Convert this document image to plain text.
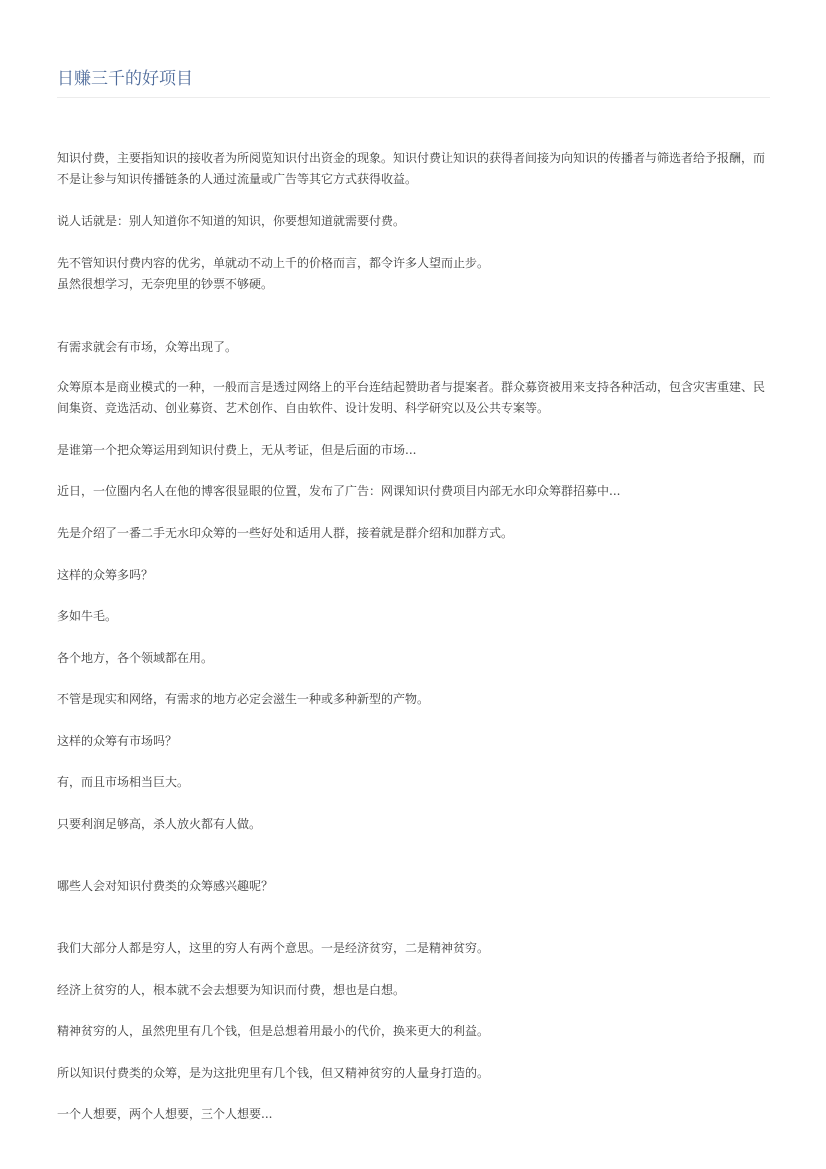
日赚三千的好项目

知识付费，主要指知识的接收者为所阅览知识付出资金的现象。知识付费让知识的获得者间接为向知识的传播者与筛选者给予报酬，而不是让参与知识传播链条的人通过流量或广告等其它方式获得收益。

说人话就是：别人知道你不知道的知识，你要想知道就需要付费。

先不管知识付费内容的优劣，单就动不动上千的价格而言，都令许多人望而止步。

虽然很想学习，无奈兜里的钞票不够硬。

有需求就会有市场，众筹出现了。

众筹原本是商业模式的一种，一般而言是透过网络上的平台连结起赞助者与提案者。群众募资被用来支持各种活动，包含灾害重建、民间集资、竞选活动、创业募资、艺术创作、自由软件、设计发明、科学研究以及公共专案等。

是谁第一个把众筹运用到知识付费上，无从考证，但是后面的市场...

近日，一位圈内名人在他的博客很显眼的位置，发布了广告：网课知识付费项目内部无水印众筹群招募中...

先是介绍了一番二手无水印众筹的一些好处和适用人群，接着就是群介绍和加群方式。

这样的众筹多吗？

多如牛毛。

各个地方，各个领域都在用。

不管是现实和网络，有需求的地方必定会滋生一种或多种新型的产物。

这样的众筹有市场吗？

有，而且市场相当巨大。

只要利润足够高，杀人放火都有人做。

哪些人会对知识付费类的众筹感兴趣呢？

我们大部分人都是穷人，这里的穷人有两个意思。一是经济贫穷，二是精神贫穷。

经济上贫穷的人，根本就不会去想要为知识而付费，想也是白想。

精神贫穷的人，虽然兜里有几个钱，但是总想着用最小的代价，换来更大的利益。

所以知识付费类的众筹，是为这批兜里有几个钱，但又精神贫穷的人量身打造的。

一个人想要，两个人想要，三个人想要...
